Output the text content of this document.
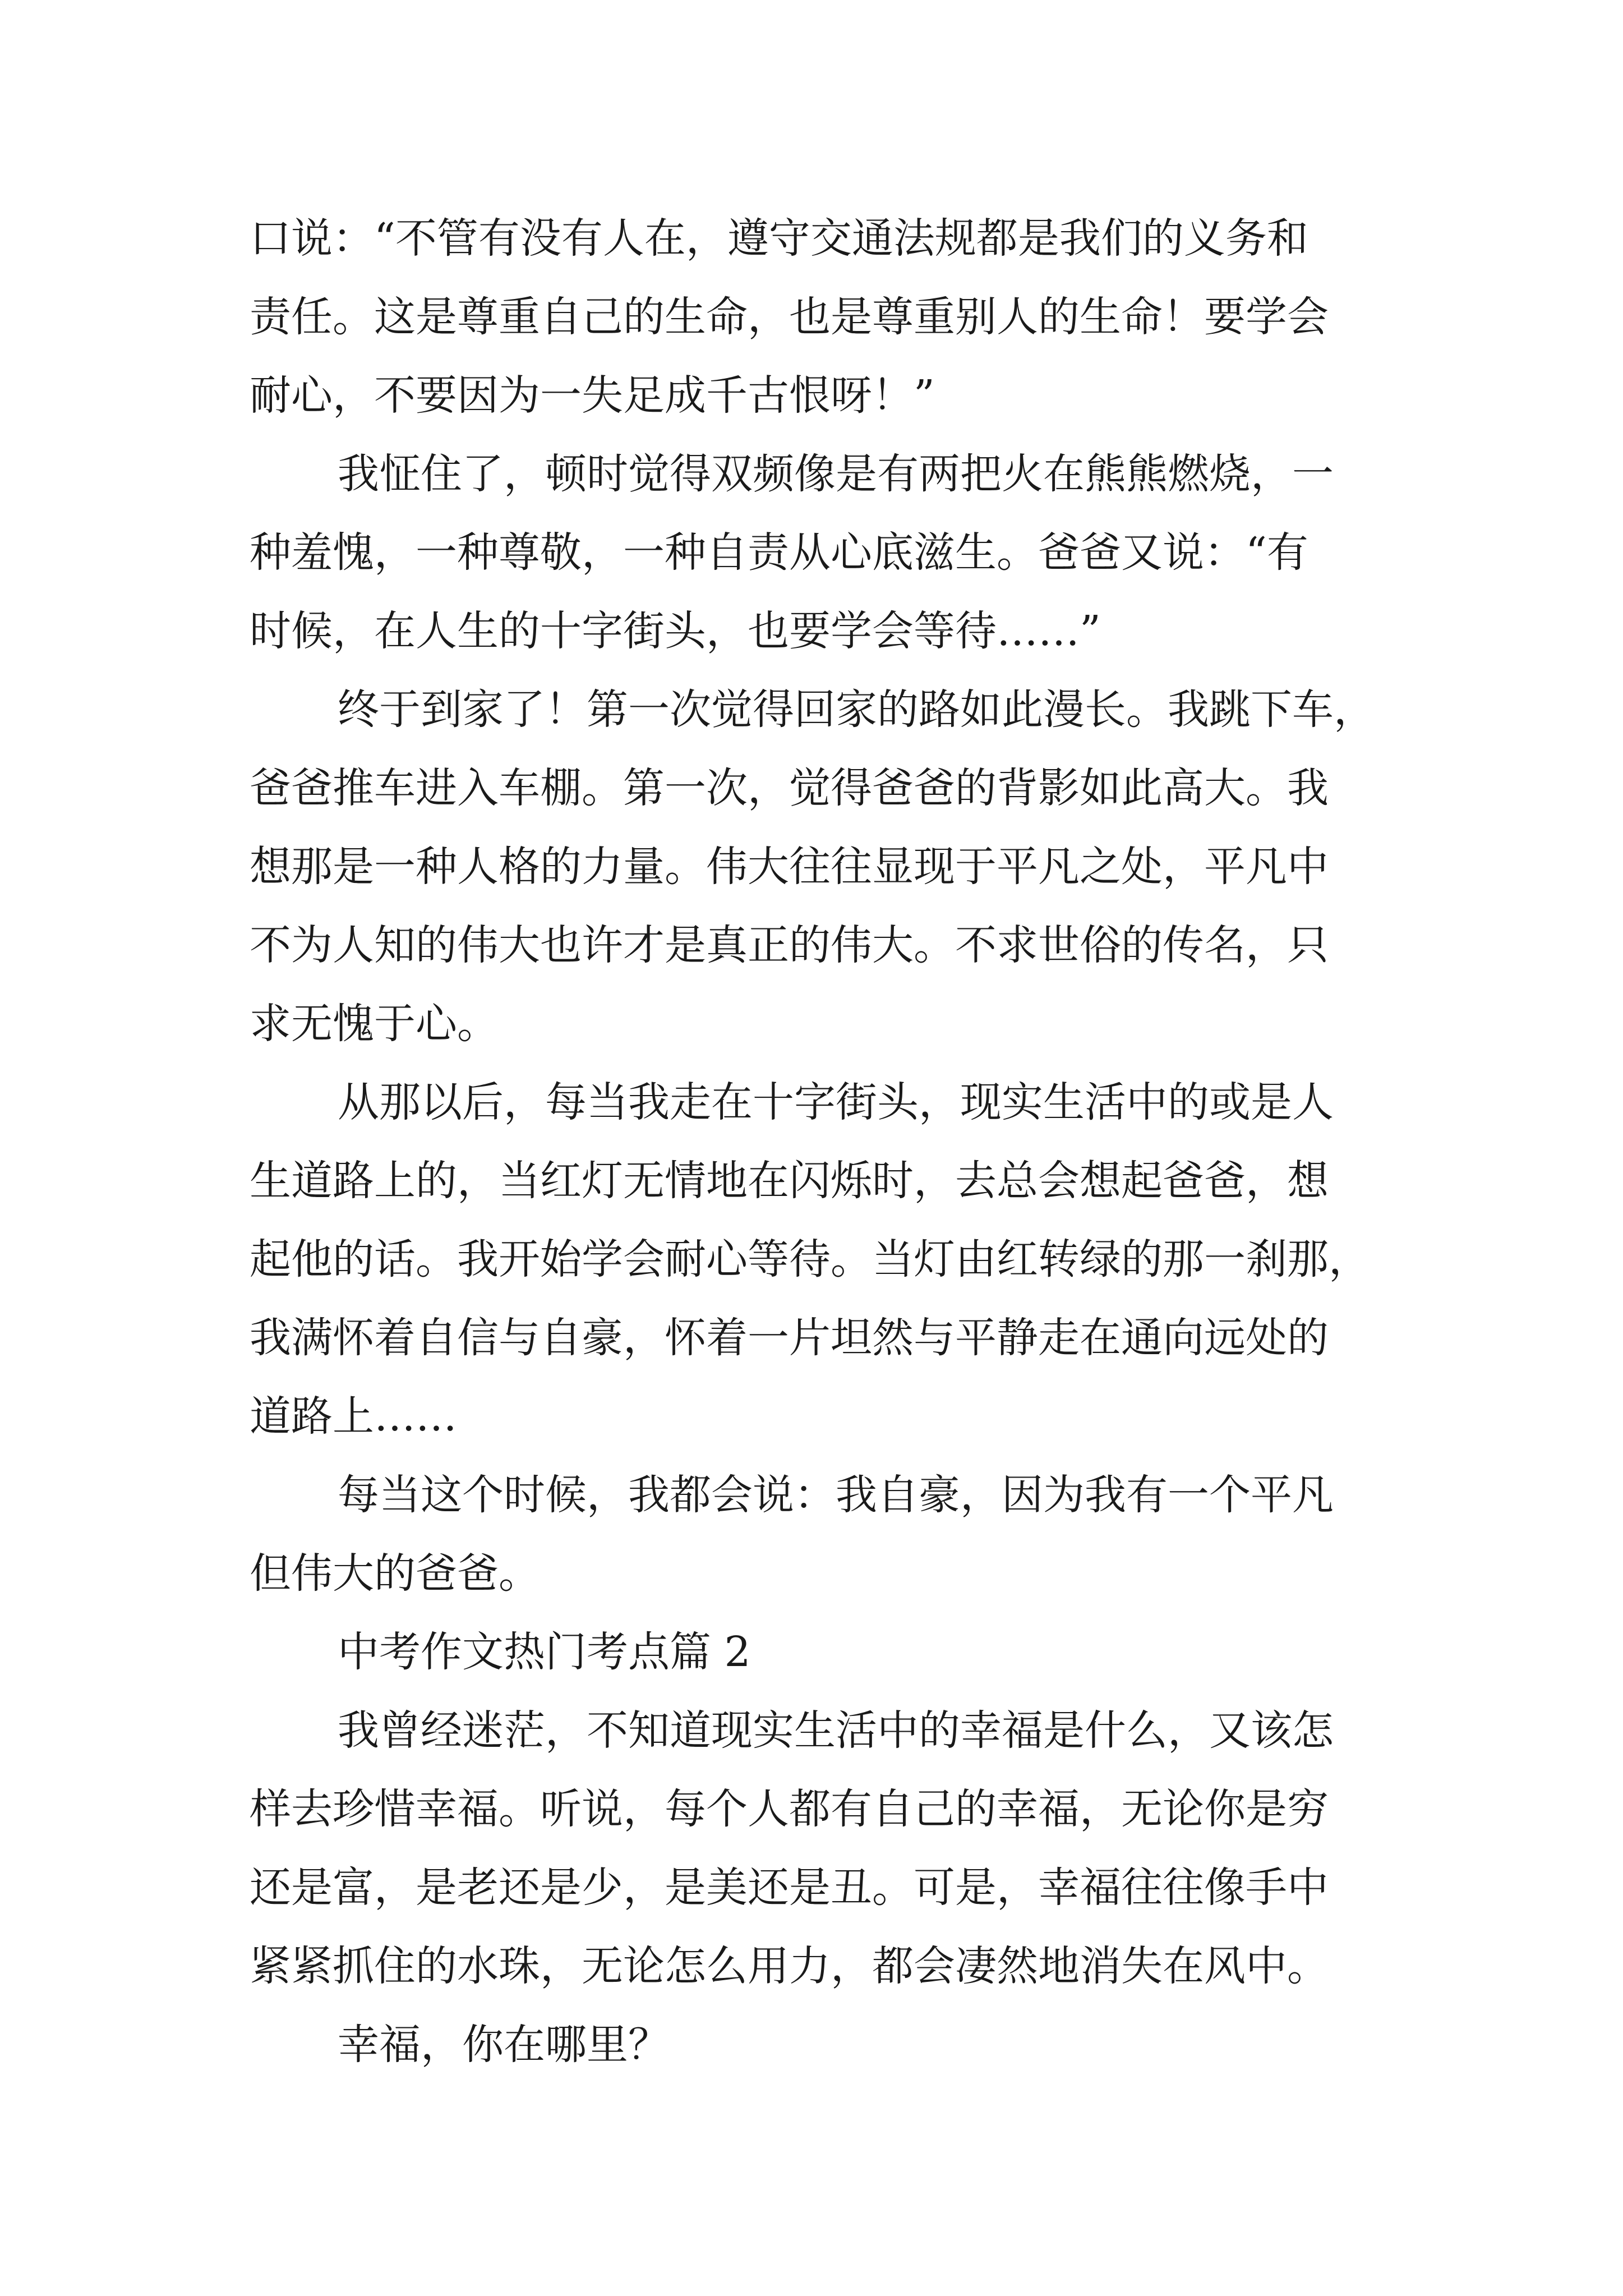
口说：“不管有没有人在，遵守交通法规都是我们的义务和
责任。这是尊重自己的生命，也是尊重别人的生命！要学会
耐心，不要因为一失足成千古恨呀！”
我怔住了，顿时觉得双频像是有两把火在熊熊燃烧，一
种羞愧，一种尊敬，一种自责从心底滋生。爸爸又说：“有
时候，在人生的十字街头，也要学会等待……”
终于到家了！第一次觉得回家的路如此漫长。我跳下车，
爸爸推车进入车棚。第一次，觉得爸爸的背影如此高大。我
想那是一种人格的力量。伟大往往显现于平凡之处，平凡中
不为人知的伟大也许才是真正的伟大。不求世俗的传名，只
求无愧于心。
从那以后，每当我走在十字街头，现实生活中的或是人
生道路上的，当红灯无情地在闪烁时，去总会想起爸爸，想
起他的话。我开始学会耐心等待。当灯由红转绿的那一刹那，
我满怀着自信与自豪，怀着一片坦然与平静走在通向远处的
道路上……
每当这个时候，我都会说：我自豪，因为我有一个平凡
但伟大的爸爸。
中考作文热门考点篇 2
我曾经迷茫，不知道现实生活中的幸福是什么，又该怎
样去珍惜幸福。听说，每个人都有自己的幸福，无论你是穷
还是富，是老还是少，是美还是丑。可是，幸福往往像手中
紧紧抓住的水珠，无论怎么用力，都会凄然地消失在风中。
幸福，你在哪里？
